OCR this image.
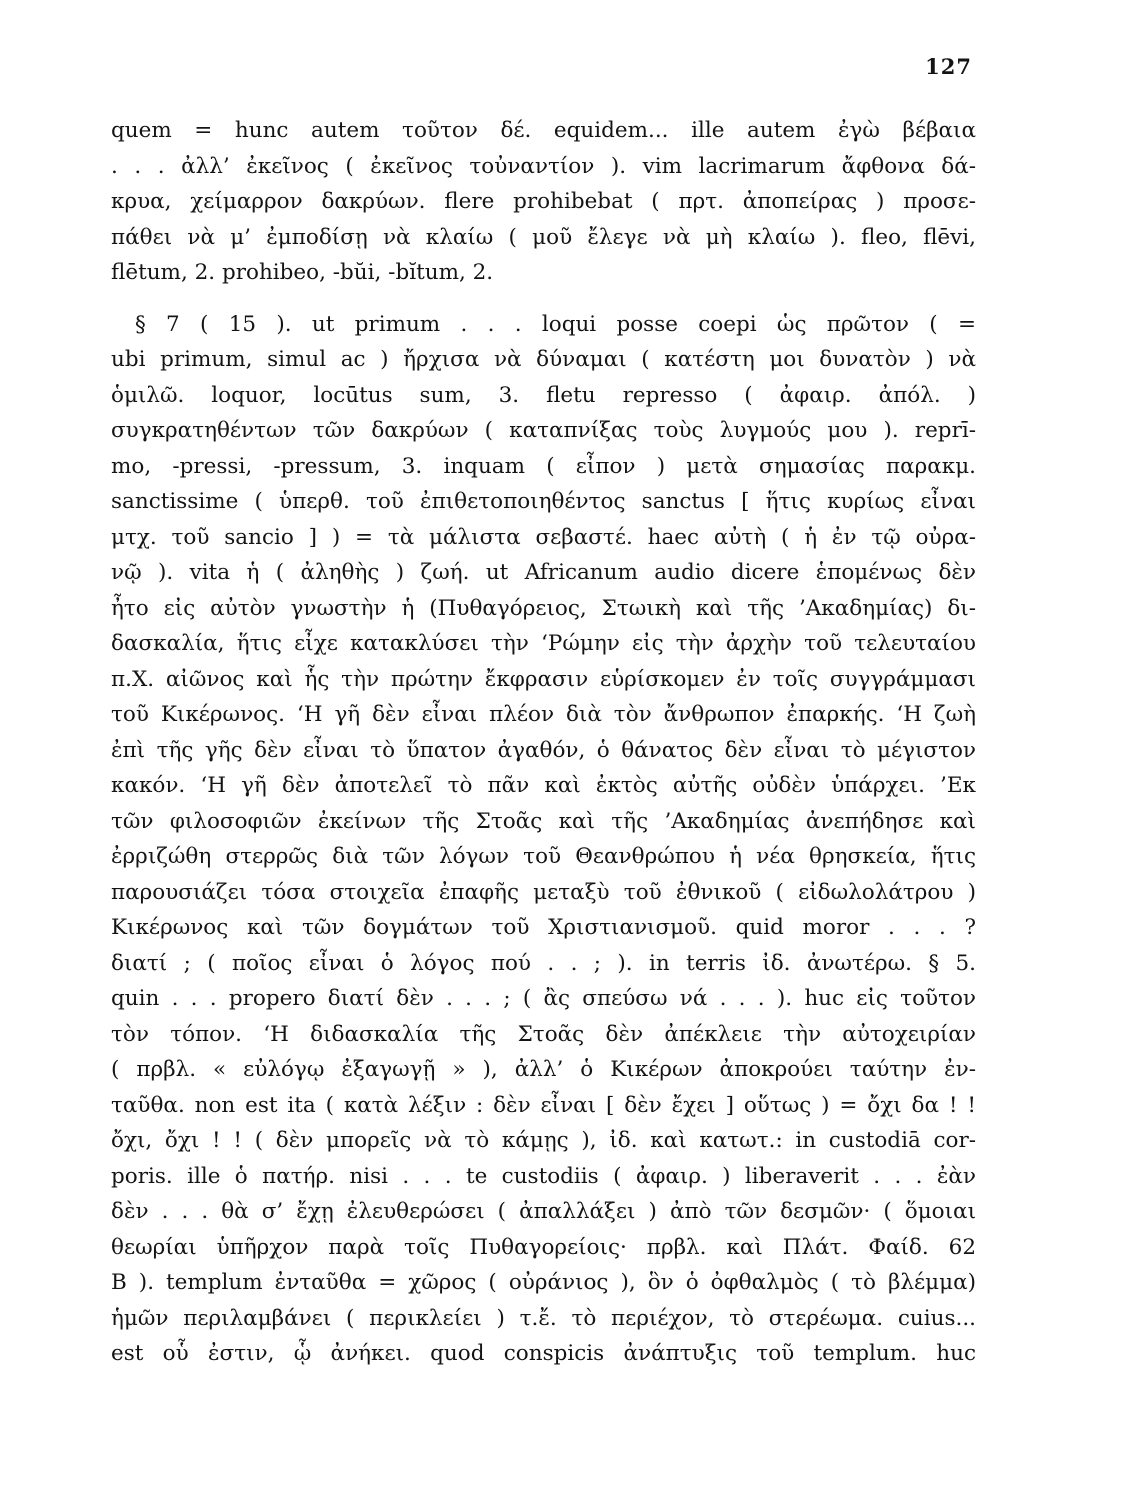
127
quem = hunc autem τοῦτον δέ. equidem... ille autem ἐγὼ βέβαια
. . . ἀλλ’ ἐκεῖνος ( ἐκεῖνος τοὐναντίον ). vim lacrimarum ἄφθονα δά-
κρυα, χείμαρρον δακρύων. flere prohibebat ( πρτ. ἀποπείρας ) προσε-
πάθει νὰ μ’ ἐμποδίσῃ νὰ κλαίω ( μοῦ ἔλεγε νὰ μὴ κλαίω ). fleo, flēvi,
flētum, 2. prohibeo, -bŭi, -bĭtum, 2.
§ 7 ( 15 ). ut primum . . . loqui posse coepi ὡς πρῶτον ( =
ubi primum, simul ac ) ἤρχισα νὰ δύναμαι ( κατέστη μοι δυνατὸν ) νὰ
ὁμιλῶ. loquor, locūtus sum, 3. fletu represso ( ἀφαιρ. ἀπόλ. )
συγκρατηθέντων τῶν δακρύων ( καταπνίξας τοὺς λυγμούς μου ). reprī-
mo, -pressi, -pressum, 3. inquam ( εἶπον ) μετὰ σημασίας παρακμ.
sanctissime ( ὑπερθ. τοῦ ἐπιθετοποιηθέντος sanctus [ ἥτις κυρίως εἶναι
μτχ. τοῦ sancio ] ) = τὰ μάλιστα σεβαστέ. haec αὐτὴ ( ἡ ἐν τῷ οὐρα-
νῷ ). vita ἡ ( ἀληθὴς ) ζωή. ut Africanum audio dicere ἑπομένως δὲν
ἦτο εἰς αὐτὸν γνωστὴν ἡ (Πυθαγόρειος, Στωικὴ καὶ τῆς ’Ακαδημίας) δι-
δασκαλία, ἥτις εἶχε κατακλύσει τὴν ‘Ρώμην εἰς τὴν ἀρχὴν τοῦ τελευταίου
π.Χ. αἰῶνος καὶ ἧς τὴν πρώτην ἔκφρασιν εὑρίσκομεν ἐν τοῖς συγγράμμασι
τοῦ Κικέρωνος. ‘Η γῆ δὲν εἶναι πλέον διὰ τὸν ἄνθρωπον ἐπαρκής. ‘Η ζωὴ
ἐπὶ τῆς γῆς δὲν εἶναι τὸ ὕπατον ἀγαθόν, ὁ θάνατος δὲν εἶναι τὸ μέγιστον
κακόν. ‘Η γῆ δὲν ἀποτελεῖ τὸ πᾶν καὶ ἐκτὸς αὐτῆς οὐδὲν ὑπάρχει. ’Εκ
τῶν φιλοσοφιῶν ἐκείνων τῆς Στοᾶς καὶ τῆς ’Ακαδημίας ἀνεπήδησε καὶ
ἐρριζώθη στερρῶς διὰ τῶν λόγων τοῦ Θεανθρώπου ἡ νέα θρησκεία, ἥτις
παρουσιάζει τόσα στοιχεῖα ἐπαφῆς μεταξὺ τοῦ ἐθνικοῦ ( εἰδωλολάτρου )
Κικέρωνος καὶ τῶν δογμάτων τοῦ Χριστιανισμοῦ. quid moror . . . ?
διατί ; ( ποῖος εἶναι ὁ λόγος πού . . ; ). in terris ἰδ. ἀνωτέρω. § 5.
quin . . . propero διατί δὲν . . . ; ( ἂς σπεύσω νά . . . ). huc εἰς τοῦτον
τὸν τόπον. ‘Η διδασκαλία τῆς Στοᾶς δὲν ἀπέκλειε τὴν αὐτοχειρίαν
( πρβλ. « εὐλόγῳ ἐξαγωγῇ » ), ἀλλ’ ὁ Κικέρων ἀποκρούει ταύτην ἐν-
ταῦθα. non est ita ( κατὰ λέξιν : δὲν εἶναι [ δὲν ἔχει ] οὕτως ) = ὄχι δα ! !
ὄχι, ὄχι ! ! ( δὲν μπορεῖς νὰ τὸ κάμῃς ), ἰδ. καὶ κατωτ.: in custodiā cor-
poris. ille ὁ πατήρ. nisi . . . te custodiis ( ἀφαιρ. ) liberaverit . . . ἐὰν
δὲν . . . θὰ σ’ ἔχῃ ἐλευθερώσει ( ἀπαλλάξει ) ἀπὸ τῶν δεσμῶν· ( ὅμοιαι
θεωρίαι ὑπῆρχον παρὰ τοῖς Πυθαγορείοις· πρβλ. καὶ Πλάτ. Φαίδ. 62
Β ). templum ἐνταῦθα = χῶρος ( οὐράνιος ), ὃν ὁ ὀφθαλμὸς ( τὸ βλέμμα)
ἡμῶν περιλαμβάνει ( περικλείει ) τ.ἔ. τὸ περιέχον, τὸ στερέωμα. cuius...
est οὗ ἐστιν, ᾧ ἀνήκει. quod conspicis ἀνάπτυξις τοῦ templum. huc
